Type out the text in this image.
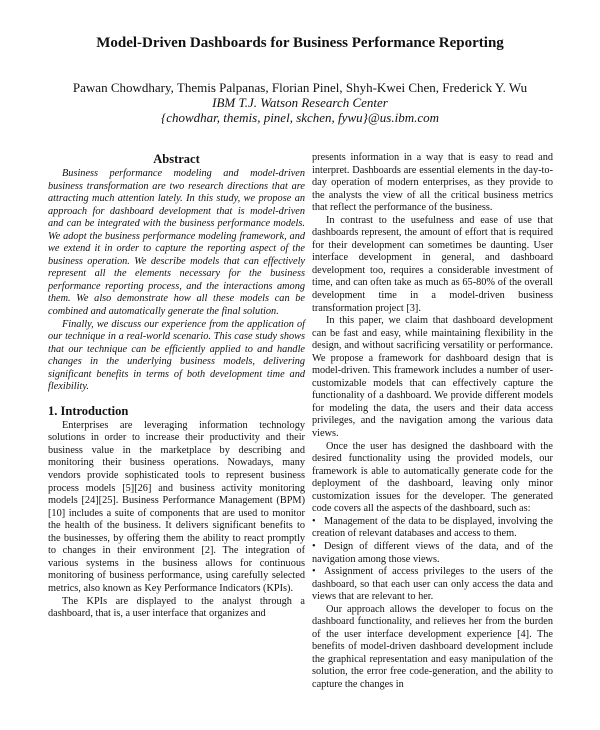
Model-Driven Dashboards for Business Performance Reporting
Pawan Chowdhary, Themis Palpanas, Florian Pinel, Shyh-Kwei Chen, Frederick Y. Wu
IBM T.J. Watson Research Center
{chowdhar, themis, pinel, skchen, fywu}@us.ibm.com
Abstract

Business performance modeling and model-driven business transformation are two research directions that are attracting much attention lately. In this study, we propose an approach for dashboard development that is model-driven and can be integrated with the business performance models. We adopt the business performance modeling framework, and we extend it in order to capture the reporting aspect of the business operation. We describe models that can effectively represent all the elements necessary for the business performance reporting process, and the interactions among them. We also demonstrate how all these models can be combined and automatically generate the final solution.

Finally, we discuss our experience from the application of our technique in a real-world scenario. This case study shows that our technique can be efficiently applied to and handle changes in the underlying business models, delivering significant benefits in terms of both development time and flexibility.

1. Introduction

Enterprises are leveraging information technology solutions in order to increase their productivity and their business value in the marketplace by describing and monitoring their business operations. Nowadays, many vendors provide sophisticated tools to represent business process models [5][26] and business activity monitoring models [24][25]. Business Performance Management (BPM) [10] includes a suite of components that are used to monitor the health of the business. It delivers significant benefits to the businesses, by offering them the ability to react promptly to changes in their environment [2]. The integration of various systems in the business allows for continuous monitoring of business performance, using carefully selected metrics, also known as Key Performance Indicators (KPIs).

The KPIs are displayed to the analyst through a dashboard, that is, a user interface that organizes and

presents information in a way that is easy to read and interpret. Dashboards are essential elements in the day-to-day operation of modern enterprises, as they provide to the analysts the view of all the critical business metrics that reflect the performance of the business.

In contrast to the usefulness and ease of use that dashboards represent, the amount of effort that is required for their development can sometimes be daunting. User interface development in general, and dashboard development too, requires a considerable investment of time, and can often take as much as 65-80% of the overall development time in a model-driven business transformation project [3].

In this paper, we claim that dashboard development can be fast and easy, while maintaining flexibility in the design, and without sacrificing versatility or performance. We propose a framework for dashboard design that is model-driven. This framework includes a number of user-customizable models that can effectively capture the functionality of a dashboard. We provide different models for modeling the data, the users and their data access privileges, and the navigation among the various data views.

Once the user has designed the dashboard with the desired functionality using the provided models, our framework is able to automatically generate code for the deployment of the dashboard, leaving only minor customization issues for the developer. The generated code covers all the aspects of the dashboard, such as:

• Management of the data to be displayed, involving the creation of relevant databases and access to them.
• Design of different views of the data, and of the navigation among those views.
• Assignment of access privileges to the users of the dashboard, so that each user can only access the data and views that are relevant to her.

Our approach allows the developer to focus on the dashboard functionality, and relieves her from the burden of the user interface development experience [4]. The benefits of model-driven dashboard development include the graphical representation and easy manipulation of the solution, the error free code-generation, and the ability to capture the changes in
